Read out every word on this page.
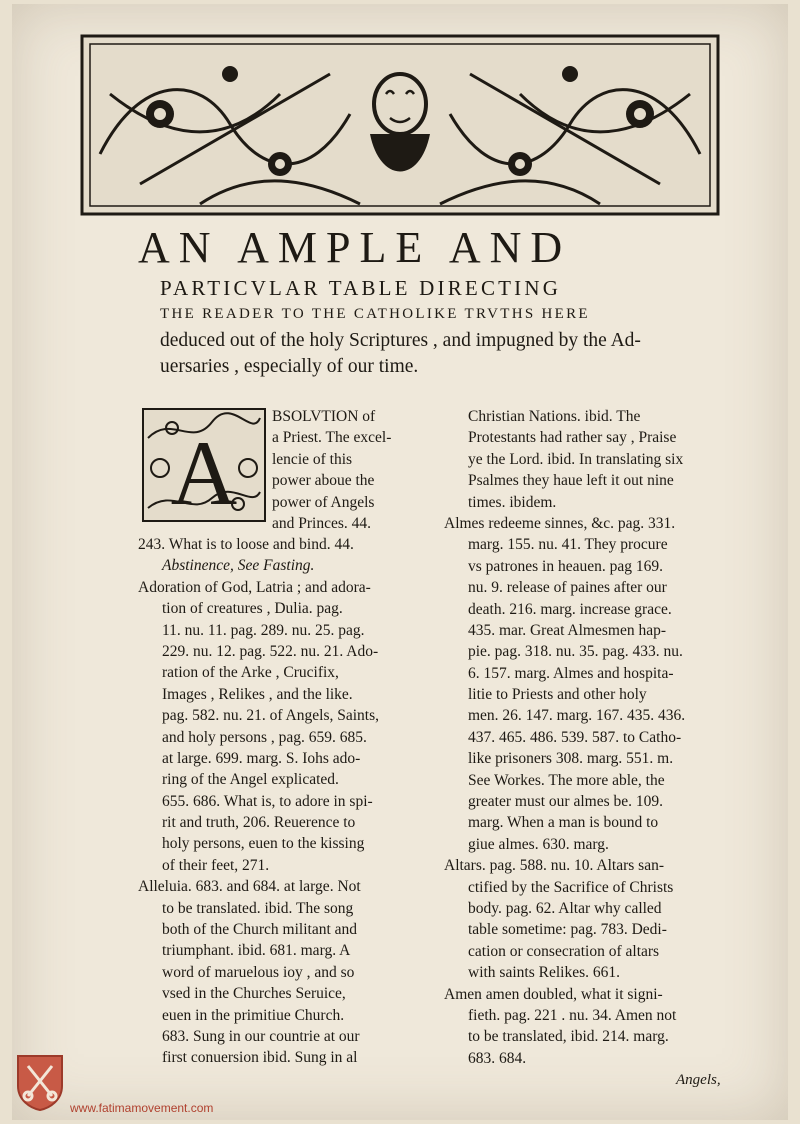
AN AMPLE AND
PARTICVLAR TABLE DIRECTING
THE READER TO THE CATHOLIKE TRVTHS HERE
deduced out of the holy Scriptures , and impugned by the Ad-
uersaries , especially of our time.
A
BSOLVTION of
a Priest. The excel-
lencie of this
power aboue the
power of Angels
and Princes. 44.
243. What is to loose and bind. 44.
Abstinence, See Fasting.
Adoration of God, Latria ; and adora-
tion of creatures , Dulia. pag.
11. nu. 11. pag. 289. nu. 25. pag.
229. nu. 12. pag. 522. nu. 21. Ado-
ration of the Arke , Crucifix,
Images , Relikes , and the like.
pag. 582. nu. 21. of Angels, Saints,
and holy persons , pag. 659. 685.
at large. 699. marg. S. Iohs ado-
ring of the Angel explicated.
655. 686. What is, to adore in spi-
rit and truth, 206. Reuerence to
holy persons, euen to the kissing
of their feet, 271.
Alleluia. 683. and 684. at large. Not
to be translated. ibid. The song
both of the Church militant and
triumphant. ibid. 681. marg. A
word of maruelous ioy , and so
vsed in the Churches Seruice,
euen in the primitiue Church.
683. Sung in our countrie at our
first conuersion ibid. Sung in al
Christian Nations. ibid. The
Protestants had rather say , Praise
ye the Lord. ibid. In translating six
Psalmes they haue left it out nine
times. ibidem.
Almes redeeme sinnes, &c. pag. 331.
marg. 155. nu. 41. They procure
vs patrones in heauen. pag 169.
nu. 9. release of paines after our
death. 216. marg. increase grace.
435. mar. Great Almesmen hap-
pie. pag. 318. nu. 35. pag. 433. nu.
6. 157. marg. Almes and hospita-
litie to Priests and other holy
men. 26. 147. marg. 167. 435. 436.
437. 465. 486. 539. 587. to Catho-
like prisoners 308. marg. 551. m.
See Workes. The more able, the
greater must our almes be. 109.
marg. When a man is bound to
giue almes. 630. marg.
Altars. pag. 588. nu. 10. Altars san-
ctified by the Sacrifice of Christs
body. pag. 62. Altar why called
table sometime: pag. 783. Dedi-
cation or consecration of altars
with saints Relikes. 661.
Amen amen doubled, what it signi-
fieth. pag. 221 . nu. 34. Amen not
to be translated, ibid. 214. marg.
683. 684.
Angels,
www.fatimamovement.com
